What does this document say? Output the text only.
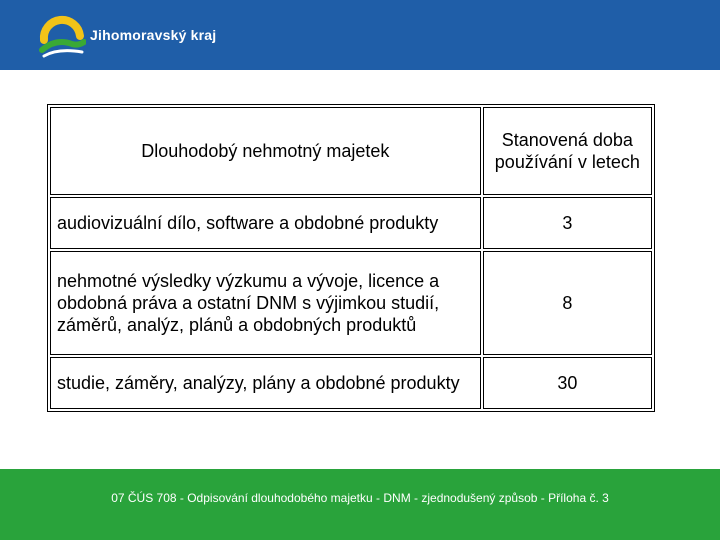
Jihomoravský kraj
Dlouhodobý nehmotný majetek	Stanovená doba používání v letech
audiovizuální dílo, software a obdobné produkty	3
nehmotné výsledky výzkumu a vývoje, licence a obdobná práva a ostatní DNM s výjimkou studií, záměrů, analýz, plánů a obdobných produktů	8
studie, záměry, analýzy, plány a obdobné produkty	30
07 ČÚS 708 - Odpisování dlouhodobého majetku - DNM - zjednodušený způsob - Příloha č. 3
